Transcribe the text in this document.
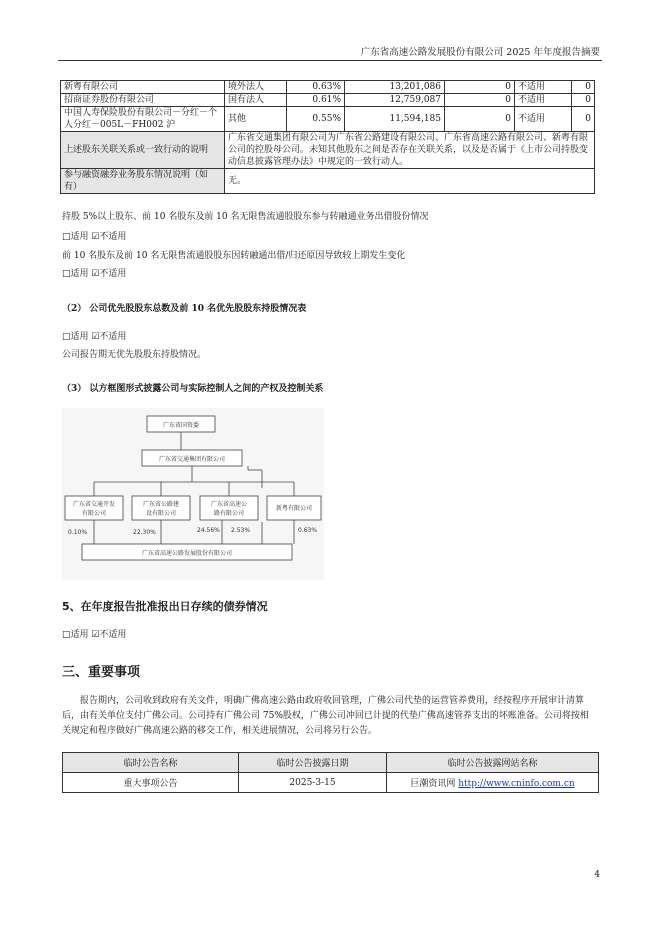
广东省高速公路发展股份有限公司 2025 年年度报告摘要
新粤有限公司	境外法人	0.63%	13,201,086	0	不适用	0
招商证券股份有限公司	国有法人	0.61%	12,759,087	0	不适用	0
中国人寿保险股份有限公司－分红－个人分红－005L－FH002 沪	其他	0.55%	11,594,185	0	不适用	0
上述股东关联关系或一致行动的说明	广东省交通集团有限公司为广东省公路建设有限公司、广东省高速公路有限公司、新粤有限公司的控股母公司。未知其他股东之间是否存在关联关系，以及是否属于《上市公司持股变动信息披露管理办法》中规定的一致行动人。					
参与融资融券业务股东情况说明（如有）	无。					
持股 5%以上股东、前 10 名股东及前 10 名无限售流通股股东参与转融通业务出借股份情况
□适用 ☑不适用
前 10 名股东及前 10 名无限售流通股股东因转融通出借/归还原因导致较上期发生变化
□适用 ☑不适用
（2） 公司优先股股东总数及前 10 名优先股股东持股情况表
□适用 ☑不适用
公司报告期无优先股股东持股情况。
（3） 以方框图形式披露公司与实际控制人之间的产权及控制关系
广东省国资委
广东省交通集团有限公司
广东省交通开发
有限公司
广东省公路建
设有限公司
广东省高速公
路有限公司
新粤有限公司
广东省高速公路发展股份有限公司
0.10%	22.30%	24.56% 2.53%	0.63%
5、在年度报告批准报出日存续的债券情况
□适用 ☑不适用
三、重要事项
报告期内，公司收到政府有关文件，明确广佛高速公路由政府收回管理，广佛公司代垫的运营管养费用，经按程序开展审计清算后，由有关单位支付广佛公司。公司持有广佛公司 75%股权，广佛公司冲回已计提的代垫广佛高速管养支出的坏账准备。公司将按相关规定和程序做好广佛高速公路的移交工作，相关进展情况，公司将另行公告。
临时公告名称	临时公告披露日期	临时公告披露网站名称
重大事项公告	2025-3-15	巨潮资讯网 http://www.cninfo.com.cn
4
